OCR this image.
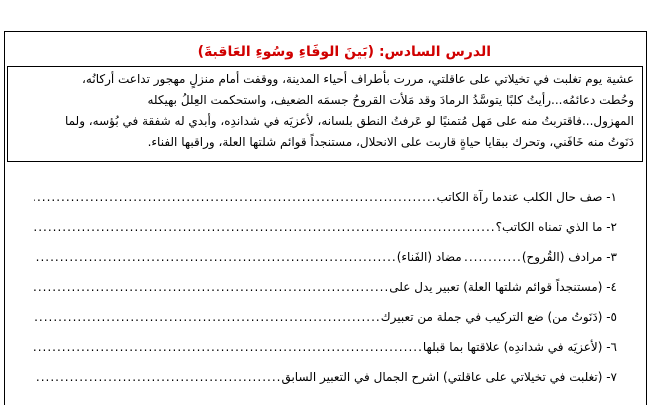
الدرس السادس: (بَينَ الوفَاءِ وسُوءِ العَاقبةَ)
عشية يوم تغلبت في تخيلاتي على عاقلتي، مررت بأطراف أحياء المدينة، ووقفت أمام منزلٍ مهجور تداعت أركانُه،
وحُطت دعائمُه...رأيتُ كلبًا يتوسَّدُ الرمادَ وقد مَلأت القروحُ جسمَه الضعيف، واستحكمت العِللُ بهيكله
المهزول...فاقتربتُ منه على مَهل مُتمنيًا لو عَرفتُ النطق بلسانه، لأعزيَه في شداندِه، وأبدي له شفقة في بُؤسه، ولما
دَنَوتُ منه خَافَني، وتحرك ببقايا حياةٍ قاربت على الانحلال، مستنجداً قوائم شلتها العلة، وراقبها الفناء.
١- صف حال الكلب عندما رآة الكاتب
.....
٢- ما الذي تمناه الكاتب؟
.....
٣- مرادف (القُروح)
.....
مضاد (الفَناء)
.....
٤- (مستنجداً قوائم شلتها العلة) تعبير يدل على
.....
٥- (دَنَوتُ من) ضع التركيب في جملة من تعبيرك
.....
٦- (لأعزيَه في شداندِه) علاقتها بما قبلها
.....
٧- (تغلبت في تخيلاتي على عاقلتي) اشرح الجمال في التعبير السابق
.....
